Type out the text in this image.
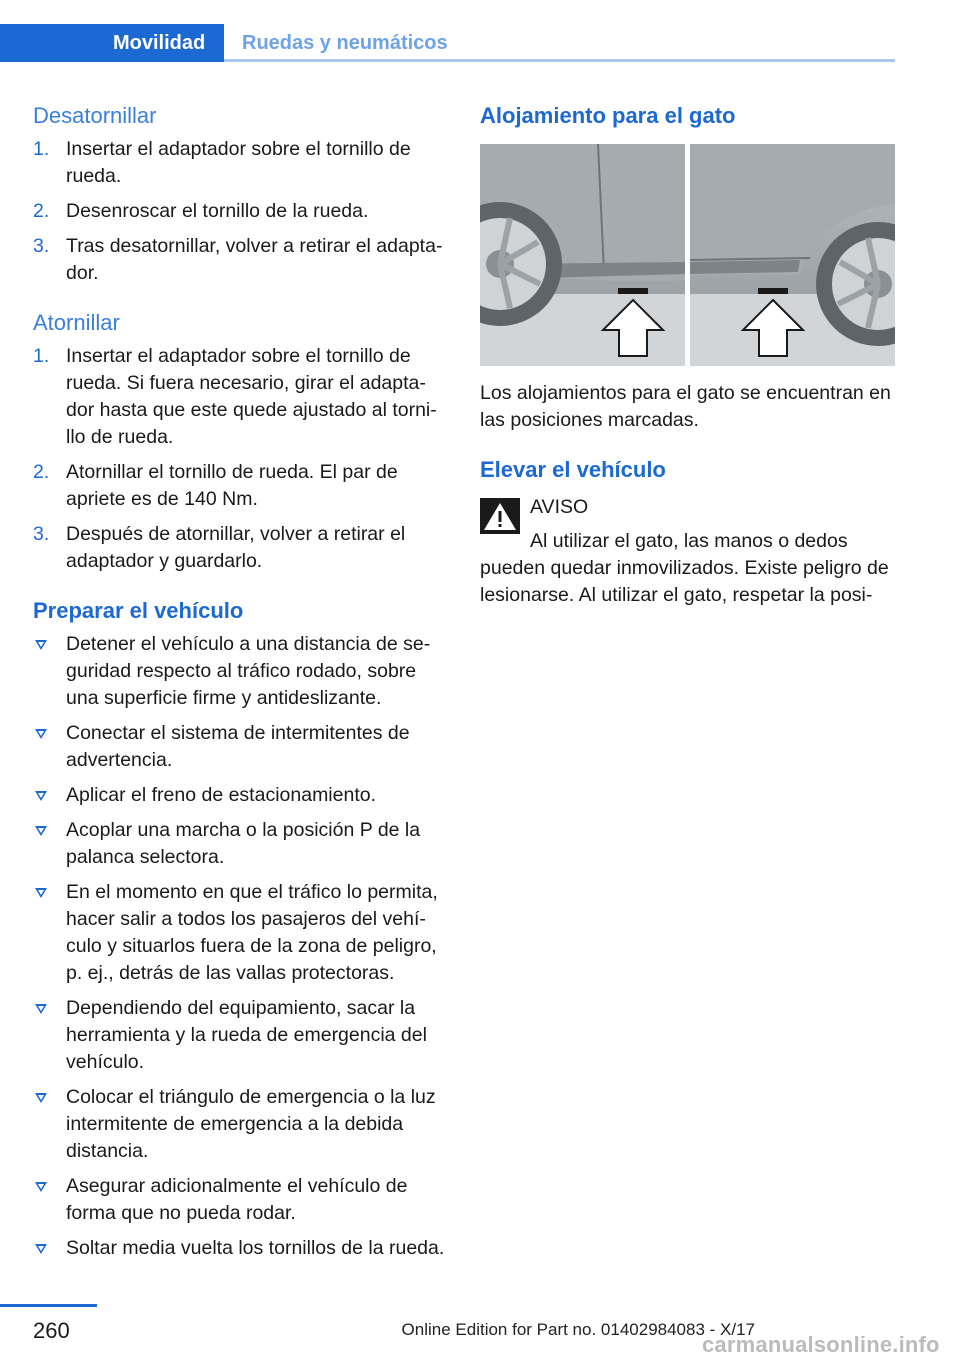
Movilidad	Ruedas y neumáticos
Desatornillar
1. Insertar el adaptador sobre el tornillo de rueda.
2. Desenroscar el tornillo de la rueda.
3. Tras desatornillar, volver a retirar el adapta‐dor.
Atornillar
1. Insertar el adaptador sobre el tornillo de rueda. Si fuera necesario, girar el adapta‐dor hasta que este quede ajustado al torni‐llo de rueda.
2. Atornillar el tornillo de rueda. El par de apriete es de 140 Nm.
3. Después de atornillar, volver a retirar el adaptador y guardarlo.
Preparar el vehículo
Detener el vehículo a una distancia de se‐guridad respecto al tráfico rodado, sobre una superficie firme y antideslizante.
Conectar el sistema de intermitentes de advertencia.
Aplicar el freno de estacionamiento.
Acoplar una marcha o la posición P de la palanca selectora.
En el momento en que el tráfico lo permita, hacer salir a todos los pasajeros del vehí‐culo y situarlos fuera de la zona de peligro, p. ej., detrás de las vallas protectoras.
Dependiendo del equipamiento, sacar la herramienta y la rueda de emergencia del vehículo.
Colocar el triángulo de emergencia o la luz intermitente de emergencia a la debida distancia.
Asegurar adicionalmente el vehículo de forma que no pueda rodar.
Soltar media vuelta los tornillos de la rueda.
Alojamiento para el gato

Los alojamientos para el gato se encuentran en las posiciones marcadas.

Elevar el vehículo
AVISO
Al utilizar el gato, las manos o dedos
pueden quedar inmovilizados. Existe peligro de lesionarse. Al utilizar el gato, respetar la posi‐
260	Online Edition for Part no. 01402984083 - X/17
carmanualsonline.info
